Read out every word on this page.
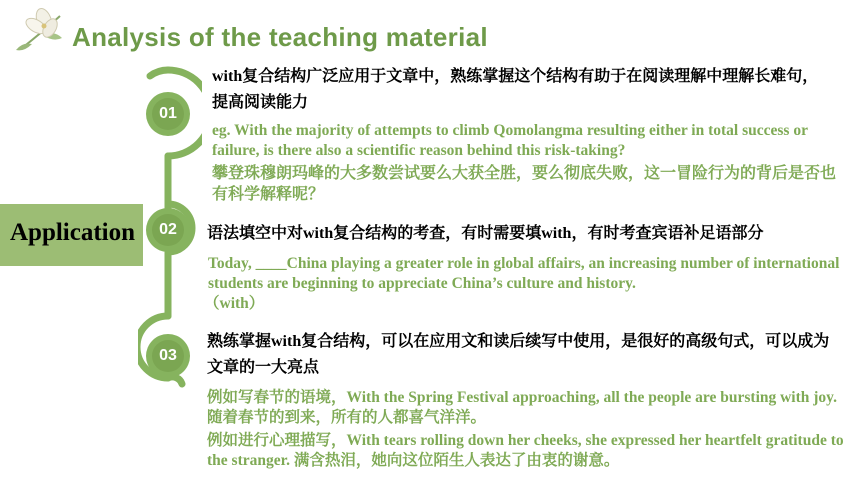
Analysis of the teaching material
Application
01
02
03
with复合结构广泛应用于文章中，熟练掌握这个结构有助于在阅读理解中理解长难句，提高阅读能力
eg. With the majority of attempts to climb Qomolangma resulting either in total success or failure, is there also a scientific reason behind this risk-taking?
攀登珠穆朗玛峰的大多数尝试要么大获全胜，要么彻底失败，这一冒险行为的背后是否也有科学解释呢？
语法填空中对with复合结构的考查，有时需要填with，有时考查宾语补足语部分
Today, ____China playing a greater role in global affairs, an increasing number of international students are beginning to appreciate China’s culture and history.
（with）
熟练掌握with复合结构，可以在应用文和读后续写中使用，是很好的高级句式，可以成为文章的一大亮点
例如写春节的语境，With the Spring Festival approaching, all the people are bursting with joy. 随着春节的到来，所有的人都喜气洋洋。
例如进行心理描写，With tears rolling down her cheeks, she expressed her heartfelt gratitude to the stranger. 满含热泪，她向这位陌生人表达了由衷的谢意。
